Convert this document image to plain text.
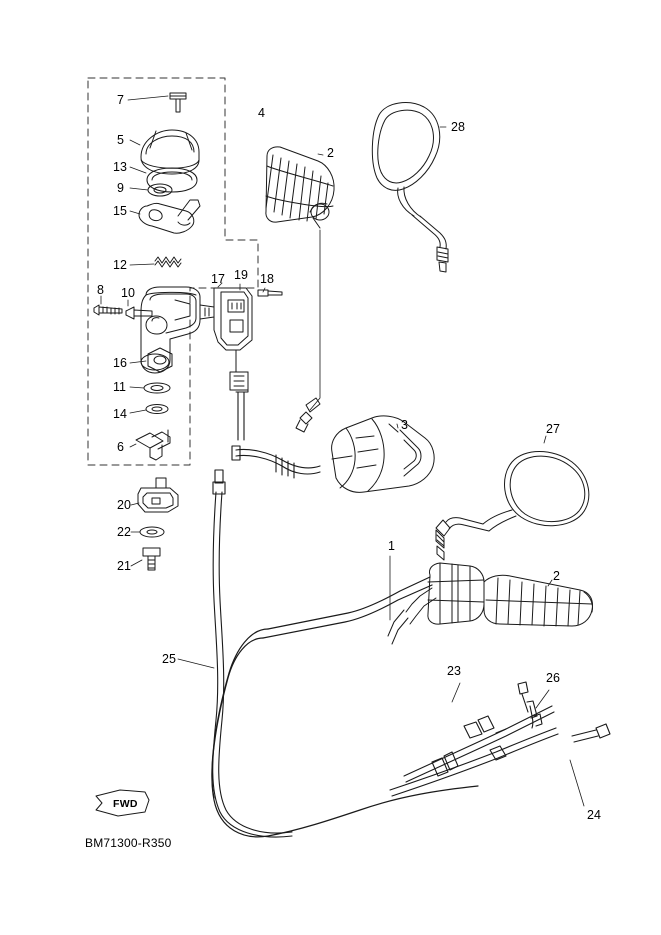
7
4
5
2
28
13
9
15
12
17 19 18
8 10
16
11
14
3	27
6
20
22
21
1
2
25
23	26
24
FWD
BM71300-R350
